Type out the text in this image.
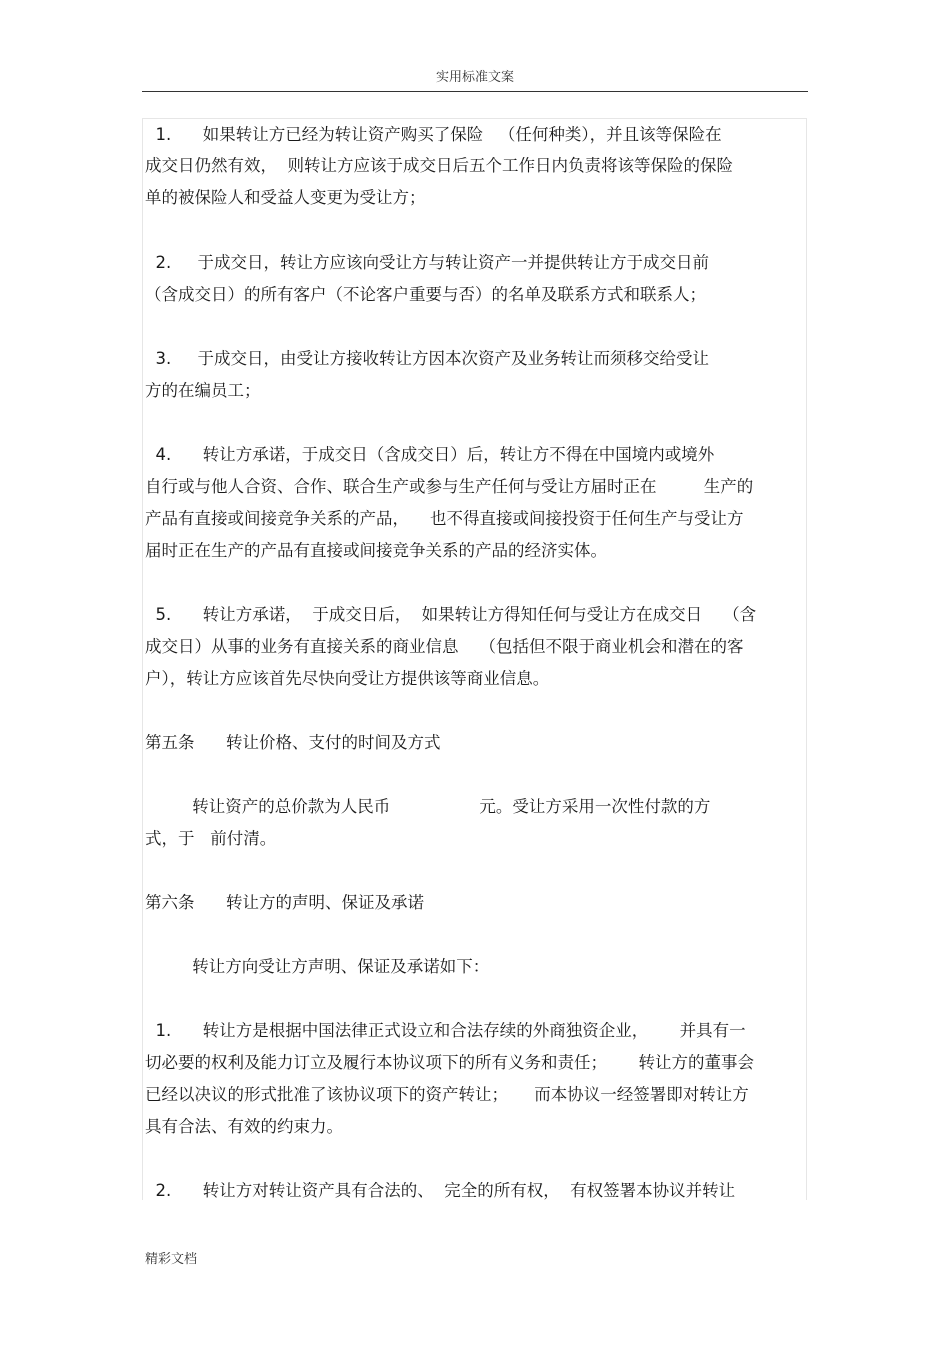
实用标准文案
1.      如果转让方已经为转让资产购买了保险   （任何种类），并且该等保险在
成交日仍然有效，  则转让方应该于成交日后五个工作日内负责将该等保险的保险
单的被保险人和受益人变更为受让方；
2.     于成交日，转让方应该向受让方与转让资产一并提供转让方于成交日前
（含成交日）的所有客户（不论客户重要与否）的名单及联系方式和联系人；
3.     于成交日，由受让方接收转让方因本次资产及业务转让而须移交给受让
方的在编员工；
4.      转让方承诺，于成交日（含成交日）后，转让方不得在中国境内或境外
自行或与他人合资、合作、联合生产或参与生产任何与受让方届时正在         生产的
产品有直接或间接竞争关系的产品，    也不得直接或间接投资于任何生产与受让方
届时正在生产的产品有直接或间接竞争关系的产品的经济实体。
5.      转让方承诺，  于成交日后，  如果转让方得知任何与受让方在成交日    （含
成交日）从事的业务有直接关系的商业信息    （包括但不限于商业机会和潜在的客
户），转让方应该首先尽快向受让方提供该等商业信息。
第五条      转让价格、支付的时间及方式
转让资产的总价款为人民币                 元。受让方采用一次性付款的方
式，于   前付清。
第六条      转让方的声明、保证及承诺
转让方向受让方声明、保证及承诺如下：
1.      转让方是根据中国法律正式设立和合法存续的外商独资企业，      并具有一
切必要的权利及能力订立及履行本协议项下的所有义务和责任；      转让方的董事会
已经以决议的形式批准了该协议项下的资产转让；     而本协议一经签署即对转让方
具有合法、有效的约束力。
2.      转让方对转让资产具有合法的、  完全的所有权，  有权签署本协议并转让
精彩文档
